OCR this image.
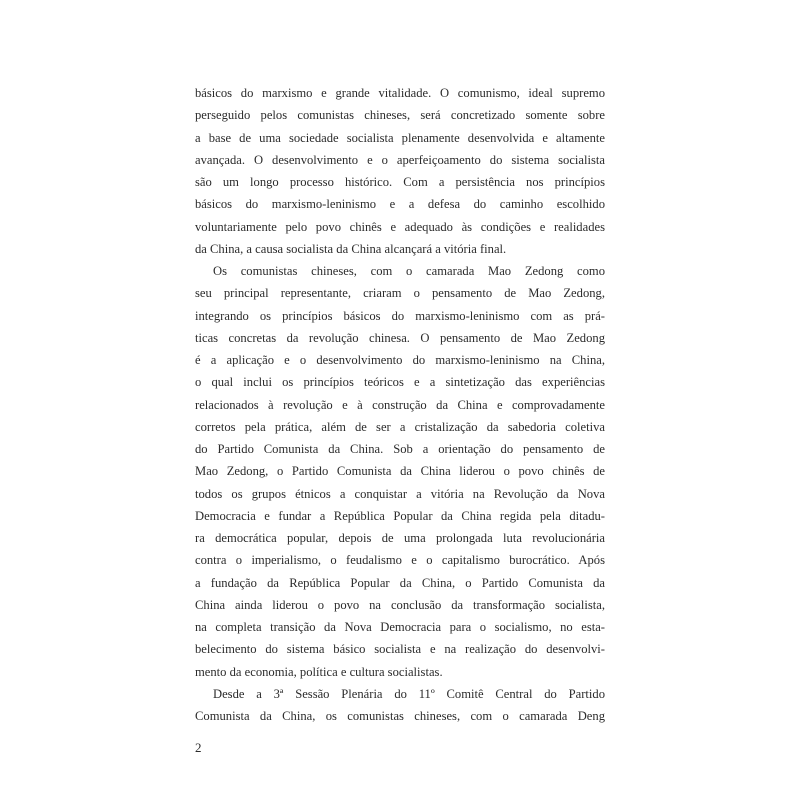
básicos do marxismo e grande vitalidade. O comunismo, ideal supremo
perseguido pelos comunistas chineses, será concretizado somente sobre
a base de uma sociedade socialista plenamente desenvolvida e altamente
avançada. O desenvolvimento e o aperfeiçoamento do sistema socialista
são um longo processo histórico. Com a persistência nos princípios
básicos do marxismo-leninismo e a defesa do caminho escolhido
voluntariamente pelo povo chinês e adequado às condições e realidades
da China, a causa socialista da China alcançará a vitória final.
Os comunistas chineses, com o camarada Mao Zedong como
seu principal representante, criaram o pensamento de Mao Zedong,
integrando os princípios básicos do marxismo-leninismo com as prá-
ticas concretas da revolução chinesa. O pensamento de Mao Zedong
é a aplicação e o desenvolvimento do marxismo-leninismo na China,
o qual inclui os princípios teóricos e a sintetização das experiências
relacionados à revolução e à construção da China e comprovadamente
corretos pela prática, além de ser a cristalização da sabedoria coletiva
do Partido Comunista da China. Sob a orientação do pensamento de
Mao Zedong, o Partido Comunista da China liderou o povo chinês de
todos os grupos étnicos a conquistar a vitória na Revolução da Nova
Democracia e fundar a República Popular da China regida pela ditadu-
ra democrática popular, depois de uma prolongada luta revolucionária
contra o imperialismo, o feudalismo e o capitalismo burocrático. Após
a fundação da República Popular da China, o Partido Comunista da
China ainda liderou o povo na conclusão da transformação socialista,
na completa transição da Nova Democracia para o socialismo, no esta-
belecimento do sistema básico socialista e na realização do desenvolvi-
mento da economia, política e cultura socialistas.
Desde a 3ª Sessão Plenária do 11º Comitê Central do Partido
Comunista da China, os comunistas chineses, com o camarada Deng
2
